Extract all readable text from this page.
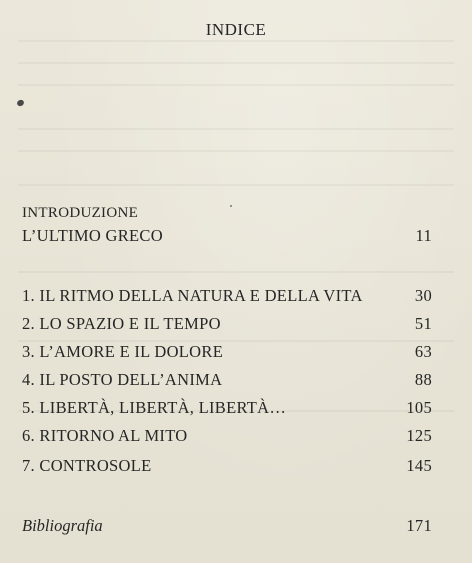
INDICE
INTRODUZIONE
L’ULTIMO GRECO	11
1. IL RITMO DELLA NATURA E DELLA VITA	30
2. LO SPAZIO E IL TEMPO	51
3. L’AMORE E IL DOLORE	63
4. IL POSTO DELL’ANIMA	88
5. LIBERTÀ, LIBERTÀ, LIBERTÀ…	105
6. RITORNO AL MITO	125
7. CONTROSOLE	145
Bibliografia	171
